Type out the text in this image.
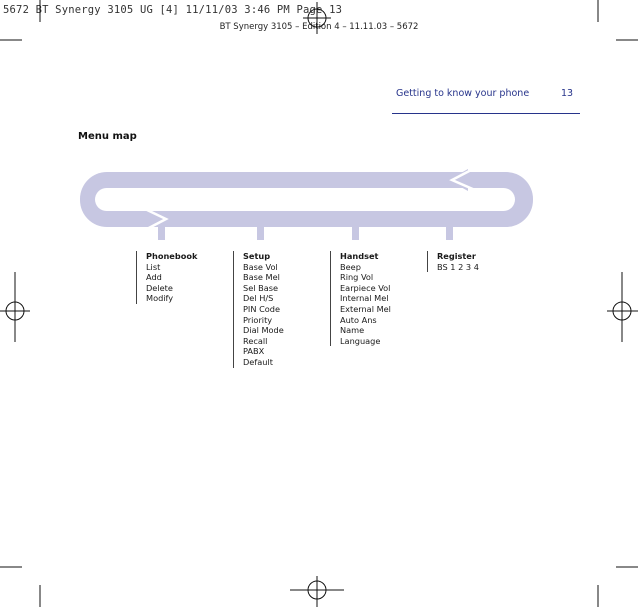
5672 BT Synergy 3105 UG [4] 11/11/03 3:46 PM Page 13
BT Synergy 3105 – Edition 4 – 11.11.03 – 5672
Getting to know your phone	13
Menu map
Phonebook
List
Add
Delete
Modify
Setup
Base Vol
Base Mel
Sel Base
Del H/S
PIN Code
Priority
Dial Mode
Recall
PABX
Default
Handset
Beep
Ring Vol
Earpiece Vol
Internal Mel
External Mel
Auto Ans
Name
Language
Register
BS 1 2 3 4
